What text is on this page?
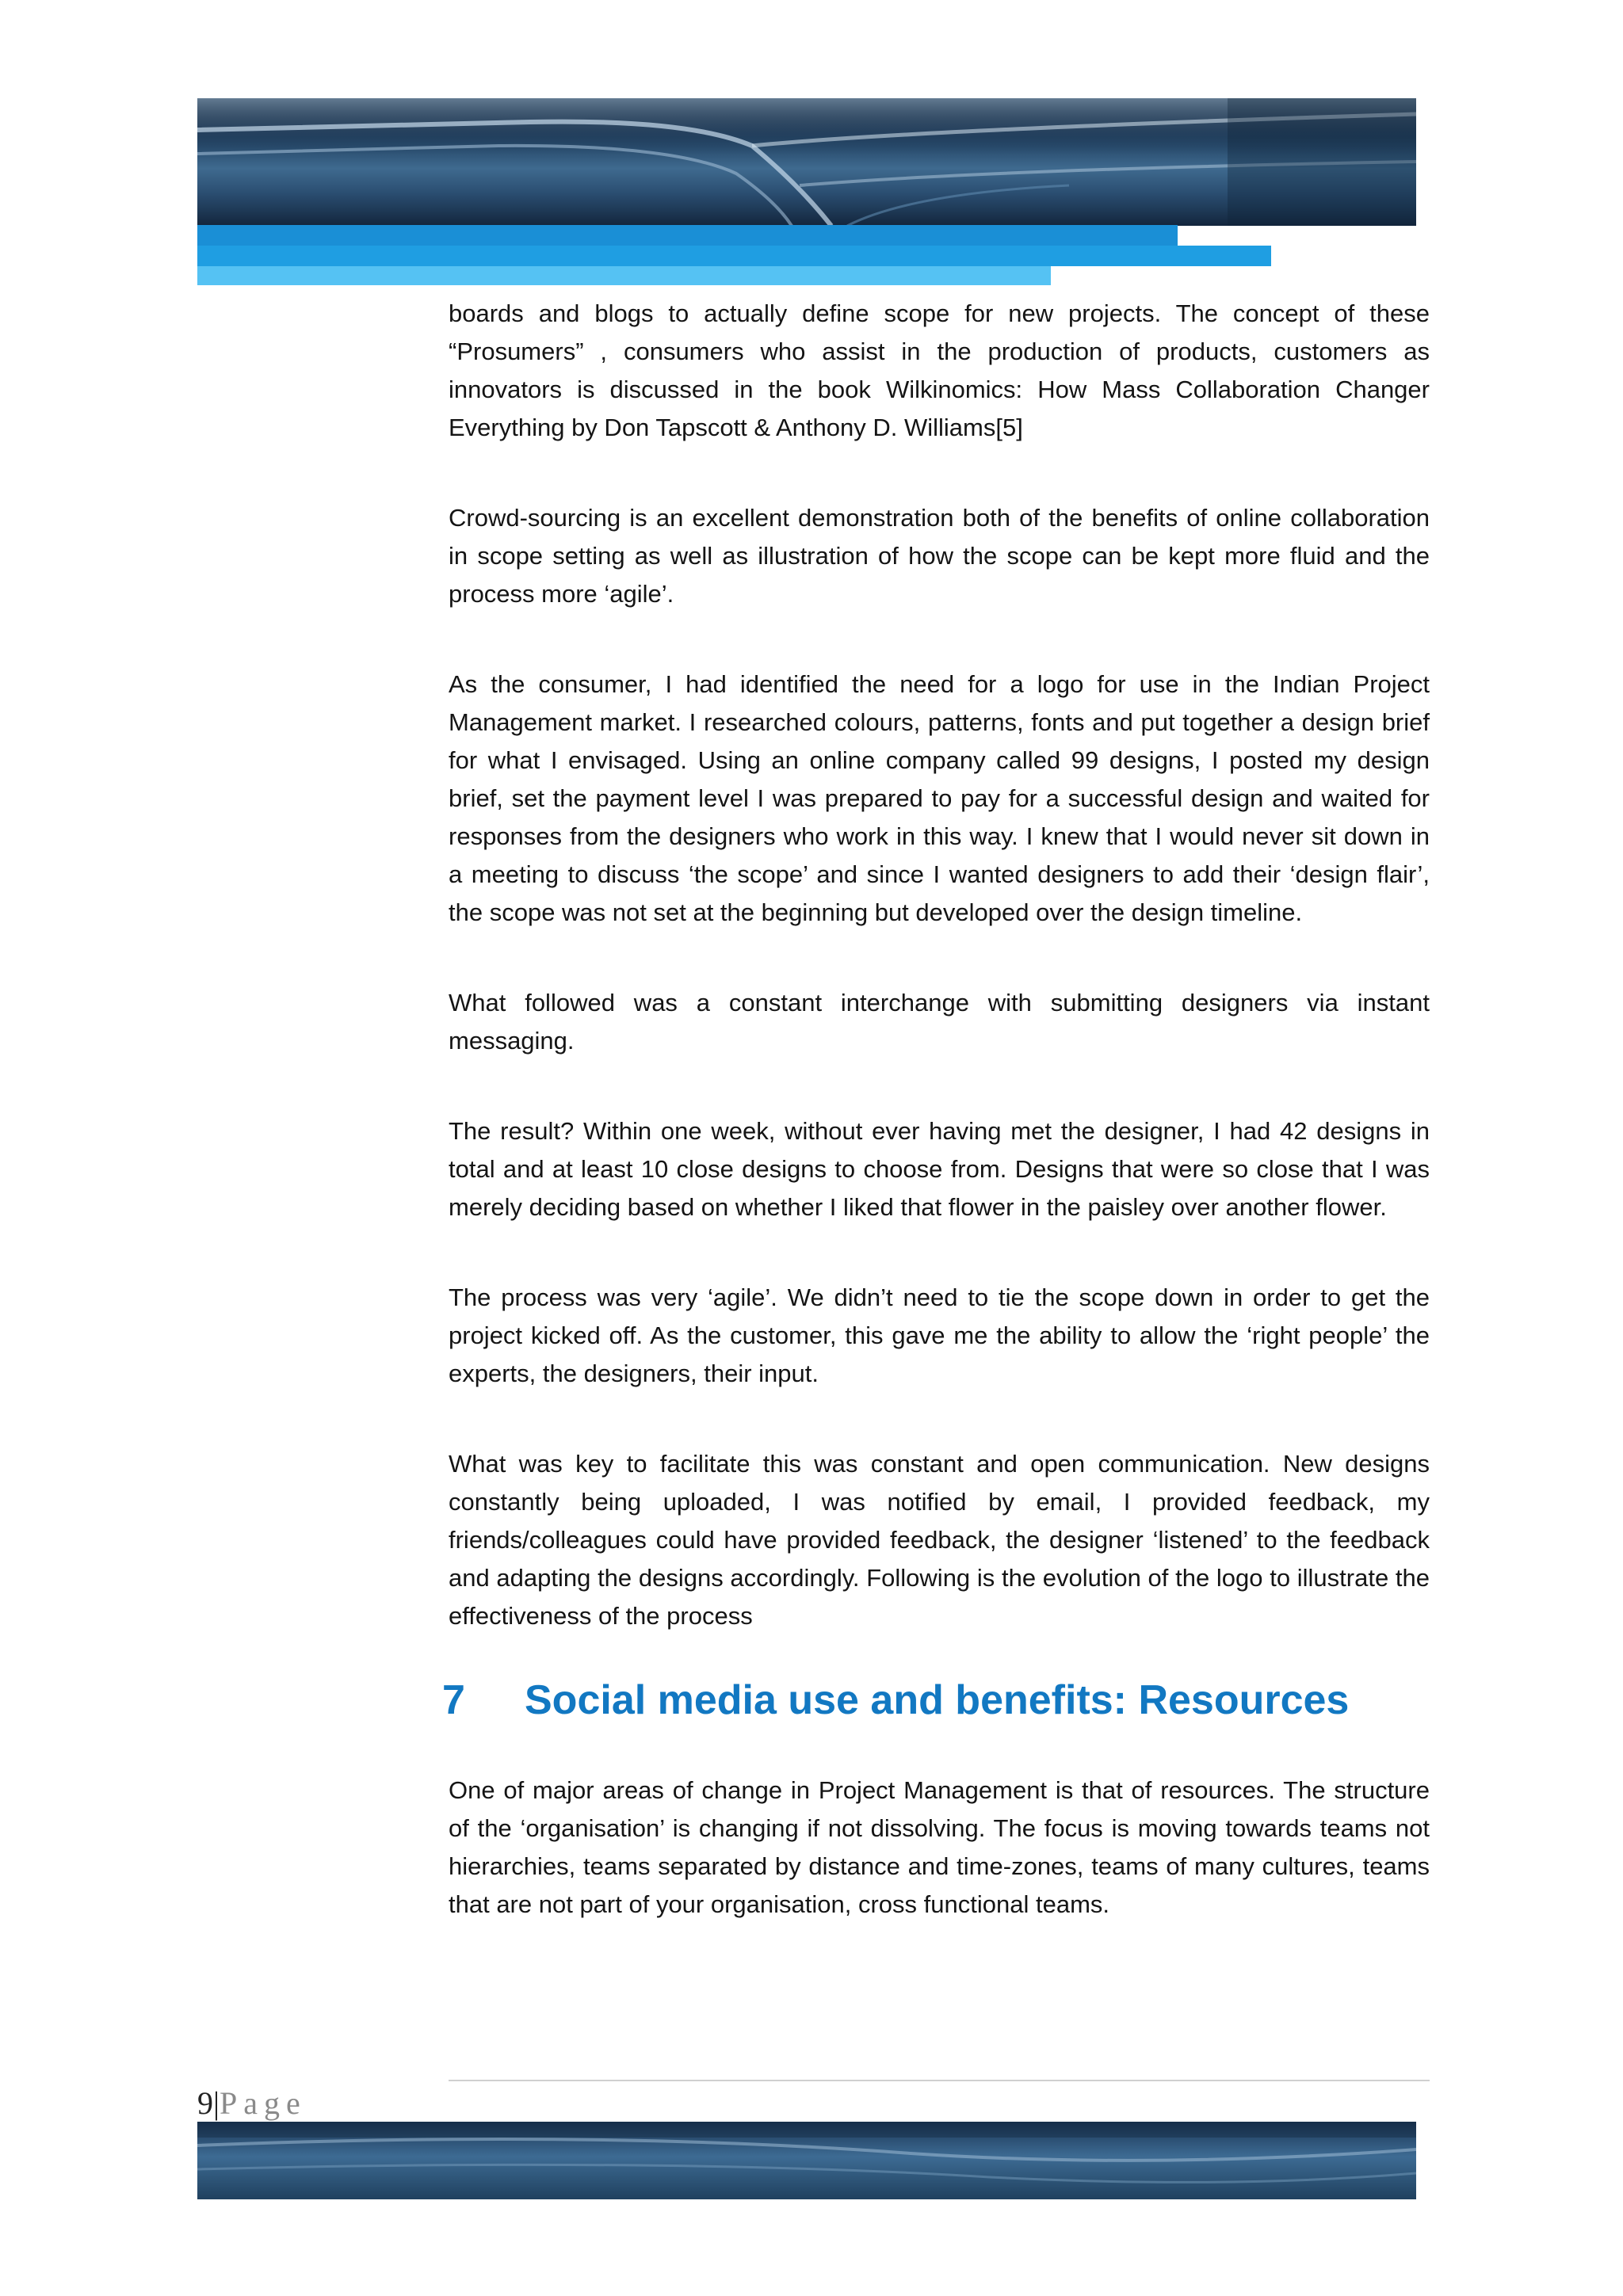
boards and blogs to actually define scope for new projects. The concept of these “Prosumers” , consumers who assist in the production of products, customers as innovators is discussed in the book Wilkinomics: How Mass Collaboration Changer Everything by Don Tapscott & Anthony D. Williams[5]

Crowd-sourcing is an excellent demonstration both of the benefits of online collaboration in scope setting as well as illustration of how the scope can be kept more fluid and the process more ‘agile’.

As the consumer, I had identified the need for a logo for use in the Indian Project Management market. I researched colours, patterns, fonts and put together a design brief for what I envisaged. Using an online company called 99 designs, I posted my design brief, set the payment level I was prepared to pay for a successful design and waited for responses from the designers who work in this way. I knew that I would never sit down in a meeting to discuss ‘the scope’ and since I wanted designers to add their ‘design flair’, the scope was not set at the beginning but developed over the design timeline.

What followed was a constant interchange with submitting designers via instant messaging.

The result? Within one week, without ever having met the designer, I had 42 designs in total and at least 10 close designs to choose from. Designs that were so close that I was merely deciding based on whether I liked that flower in the paisley over another flower.

The process was very ‘agile’. We didn’t need to tie the scope down in order to get the project kicked off. As the customer, this gave me the ability to allow the ‘right people’ the experts, the designers, their input.

What was key to facilitate this was constant and open communication. New designs constantly being uploaded, I was notified by email, I provided feedback, my friends/colleagues could have provided feedback, the designer ‘listened’ to the feedback and adapting the designs accordingly. Following is the evolution of the logo to illustrate the effectiveness of the process

7	Social media use and benefits: Resources

One of major areas of change in Project Management is that of resources. The structure of the ‘organisation’ is changing if not dissolving. The focus is moving towards teams not hierarchies, teams separated by distance and time-zones, teams of many cultures, teams that are not part of your organisation, cross functional teams.

9|Page
